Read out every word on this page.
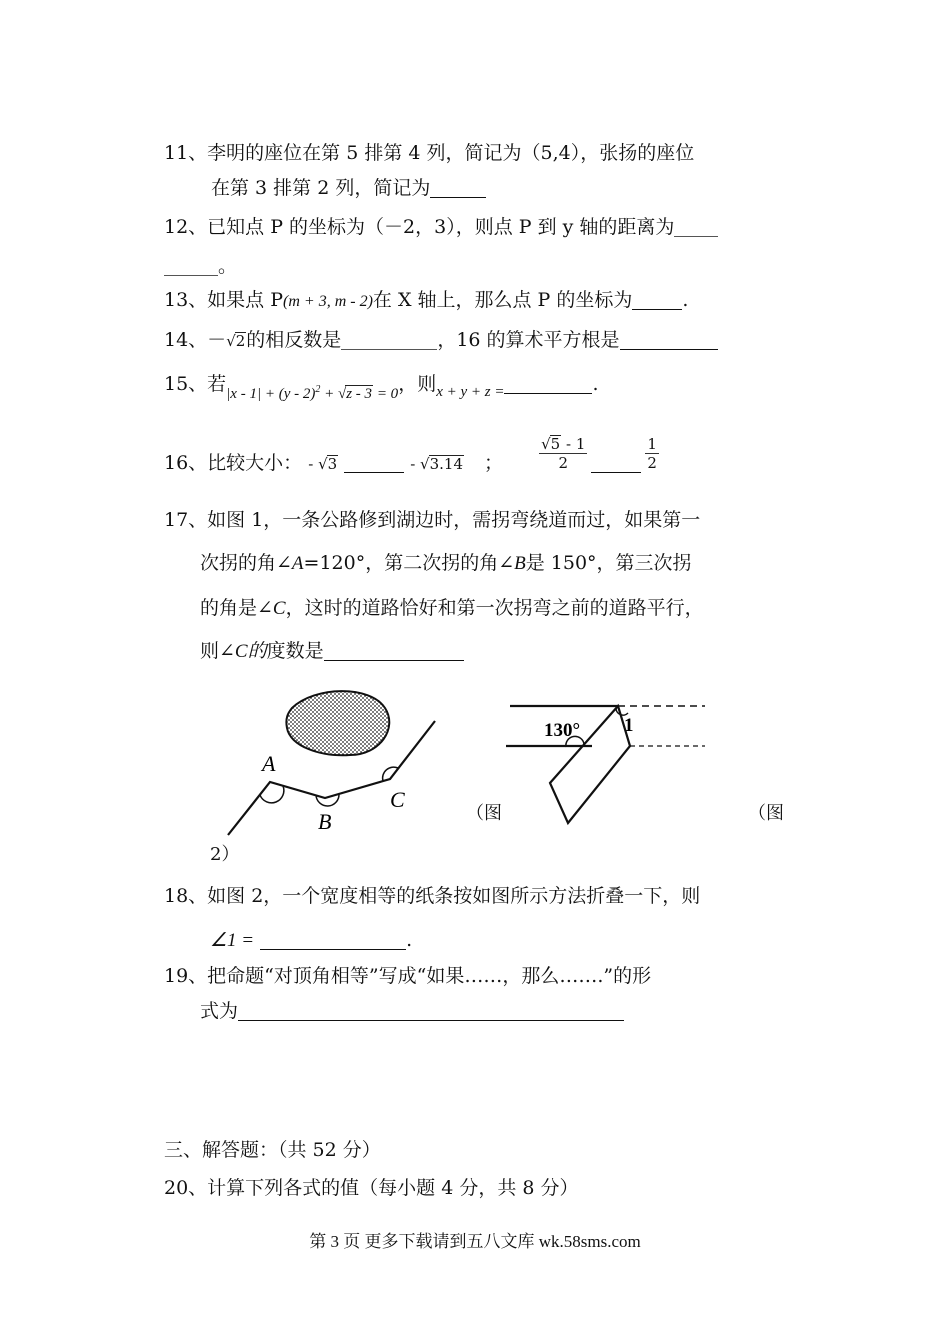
11、李明的座位在第 5 排第 4 列，简记为（5,4），张扬的座位
在第 3 排第 2 列，简记为
12、已知点 P 的坐标为（－2，3），则点 P 到 y 轴的距离为
。
13、如果点 P(m + 3, m - 2)在 X 轴上，那么点 P 的坐标为	.
14、－√2的相反数是	，16 的算术平方根是
15、若$_{|x - 1| + (y - 2)^2 + √z - 3 = 0}$，则$_{x + y + z =}$	.
16、比较大小： - √3	- √3.14 ； $\frac{√5 - 1}{2}$	$\frac{1}{2}$
17、如图 1，一条公路修到湖边时，需拐弯绕道而过，如果第一
次拐的角∠A=120°，第二次拐的角∠B是 150°，第三次拐
的角是∠C，这时的道路恰好和第一次拐弯之前的道路平行，
则∠C的度数是
A
B
C
（图
130° 1
（图
2）
18、如图 2，一个宽度相等的纸条按如图所示方法折叠一下，则
∠1 =	.
19、把命题“对顶角相等”写成“如果……，那么…….”的形
式为
三、解答题：（共 52 分）
20、计算下列各式的值（每小题 4 分，共 8 分）
第 3 页 更多下载请到五八文库 wk.58sms.com
